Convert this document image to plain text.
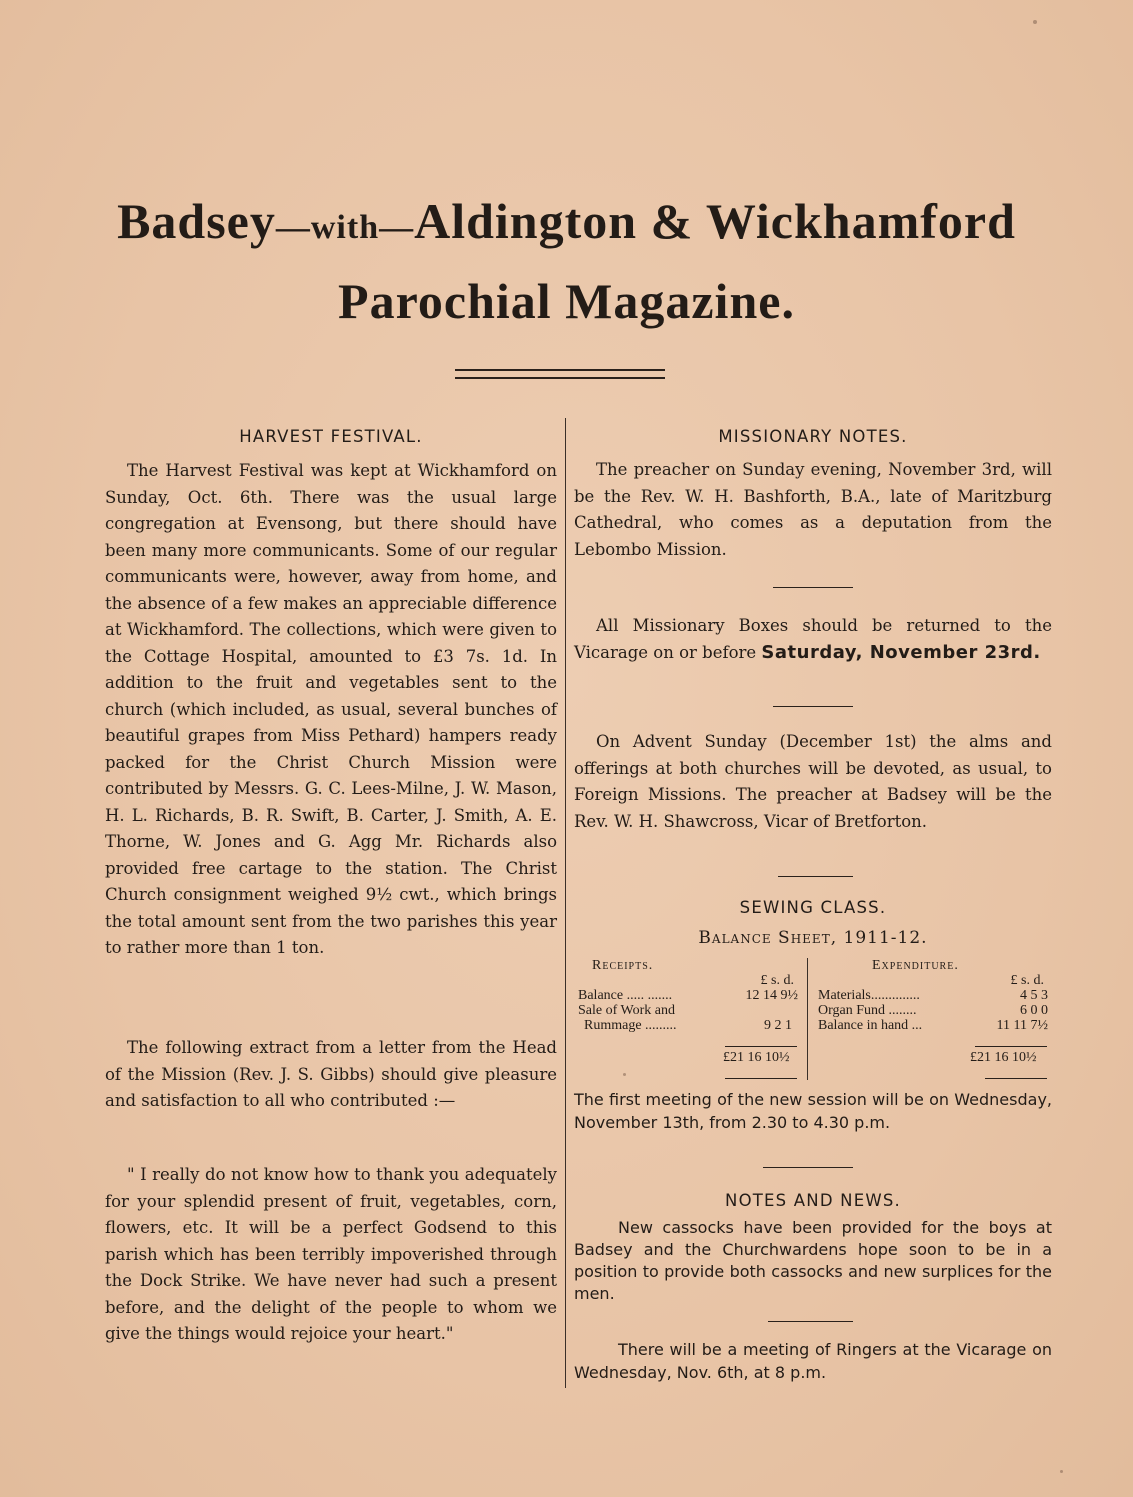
Badsey—with—Aldington & Wickhamford
Parochial Magazine.
HARVEST FESTIVAL.

The Harvest Festival was kept at Wickhamford on Sunday, Oct. 6th. There was the usual large congregation at Evensong, but there should have been many more communicants. Some of our regular communicants were, however, away from home, and the absence of a few makes an appreciable difference at Wickhamford. The collections, which were given to the Cottage Hospital, amounted to £3 7s. 1d. In addition to the fruit and vegetables sent to the church (which included, as usual, several bunches of beautiful grapes from Miss Pethard) hampers ready packed for the Christ Church Mission were contributed by Messrs. G. C. Lees-Milne, J. W. Mason, H. L. Richards, B. R. Swift, B. Carter, J. Smith, A. E. Thorne, W. Jones and G. Agg Mr. Richards also provided free cartage to the station. The Christ Church consignment weighed 9½ cwt., which brings the total amount sent from the two parishes this year to rather more than 1 ton.

The following extract from a letter from the Head of the Mission (Rev. J. S. Gibbs) should give pleasure and satisfaction to all who contributed :—

" I really do not know how to thank you adequately for your splendid present of fruit, vegetables, corn, flowers, etc. It will be a perfect Godsend to this parish which has been terribly impoverished through the Dock Strike. We have never had such a present before, and the delight of the people to whom we give the things would rejoice your heart."

MISSIONARY NOTES.

The preacher on Sunday evening, November 3rd, will be the Rev. W. H. Bashforth, B.A., late of Maritzburg Cathedral, who comes as a deputation from the Lebombo Mission.

All Missionary Boxes should be returned to the Vicarage on or before Saturday, November 23rd.

On Advent Sunday (December 1st) the alms and offerings at both churches will be devoted, as usual, to Foreign Missions. The preacher at Badsey will be the Rev. W. H. Shawcross, Vicar of Bretforton.

SEWING CLASS.
Balance Sheet, 1911-12.
Receipts.
£ s. d.
Balance ..... .......	12 14 9½
Sale of Work and
Rummage .........	9 2 1
£21 16 10½
Expenditure.
£ s. d.
Materials..............	4 5 3
Organ Fund ........	6 0 0
Balance in hand ...	11 11 7½
£21 16 10½

The first meeting of the new session will be on Wednesday, November 13th, from 2.30 to 4.30 p.m.

NOTES AND NEWS.

New cassocks have been provided for the boys at Badsey and the Churchwardens hope soon to be in a position to provide both cassocks and new surplices for the men.

There will be a meeting of Ringers at the Vicarage on Wednesday, Nov. 6th, at 8 p.m.
